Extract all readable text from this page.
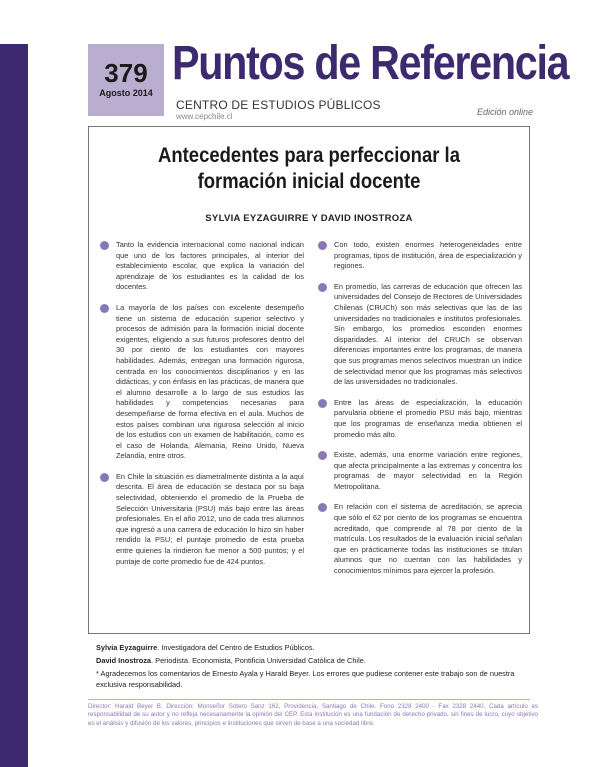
379
Agosto 2014
Puntos de Referencia
CENTRO DE ESTUDIOS PÚBLICOS
www.cepchile.cl	Edición online
Antecedentes para perfeccionar la
formación inicial docente
SYLVIA EYZAGUIRRE Y DAVID INOSTROZA
Tanto la evidencia internacional como nacional indican que uno de los factores principales, al interior del establecimiento escolar, que explica la variación del aprendizaje de los estudiantes es la calidad de los docentes.
La mayoría de los países con excelente desempeño tiene un sistema de educación superior selectivo y procesos de admisión para la formación inicial docente exigentes, eligiendo a sus futuros profesores dentro del 30 por ciento de los estudiantes con mayores habilidades. Además, entregan una formación rigurosa, centrada en los conocimientos disciplinarios y en las didácticas, y con énfasis en las prácticas, de manera que el alumno desarrolle a lo largo de sus estudios las habilidades y competencias necesarias para desempeñarse de forma efectiva en el aula. Muchos de estos países combinan una rigurosa selección al inicio de los estudios con un examen de habilitación, como es el caso de Holanda, Alemania, Reino Unido, Nueva Zelandia, entre otros.
En Chile la situación es diametralmente distinta a la aquí descrita. El área de educación se destaca por su baja selectividad, obteniendo el promedio de la Prueba de Selección Universitaria (PSU) más bajo entre las áreas profesionales. En el año 2012, uno de cada tres alumnos que ingresó a una carrera de educación lo hizo sin haber rendido la PSU; el puntaje promedio de esta prueba entre quienes la rindieron fue menor a 500 puntos; y el puntaje de corte promedio fue de 424 puntos.
Con todo, existen enormes heterogeneidades entre programas, tipos de institución, área de especialización y regiones.
En promedio, las carreras de educación que ofrecen las universidades del Consejo de Rectores de Universidades Chilenas (CRUCh) son más selectivas que las de las universidades no tradicionales e institutos profesionales. Sin embargo, los promedios esconden enormes disparidades. Al interior del CRUCh se observan diferencias importantes entre los programas, de manera que sus programas menos selectivos muestran un índice de selectividad menor que los programas más selectivos de las universidades no tradicionales.
Entre las áreas de especialización, la educación parvularia obtiene el promedio PSU más bajo, mientras que los programas de enseñanza media obtienen el promedio más alto.
Existe, además, una enorme variación entre regiones, que afecta principalmente a las extremas y concentra los programas de mayor selectividad en la Región Metropolitana.
En relación con el sistema de acreditación, se aprecia que sólo el 62 por ciento de los programas se encuentra acreditado, que comprende al 78 por ciento de la matrícula. Los resultados de la evaluación inicial señalan que en prácticamente todas las instituciones se titulan alumnos que no cuentan con las habilidades y conocimientos mínimos para ejercer la profesión.

Sylvia Eyzaguirre. Investigadora del Centro de Estudios Públicos.

David Inostroza. Periodista. Economista, Pontificia Universidad Católica de Chile.

* Agradecemos los comentarios de Ernesto Ayala y Harald Beyer. Los errores que pudiese contener este trabajo son de nuestra exclusiva responsabilidad.

Director: Harald Beyer B. Dirección: Monseñor Sótero Sanz 162, Providencia, Santiago de Chile. Fono 2328 2400 - Fax 2328 2440. Cada artículo es responsabilidad de su autor y no refleja necesariamente la opinión del CEP. Esta institución es una fundación de derecho privado, sin fines de lucro, cuyo objetivo es el análisis y difusión de los valores, principios e instituciones que sirven de base a una sociedad libre.
